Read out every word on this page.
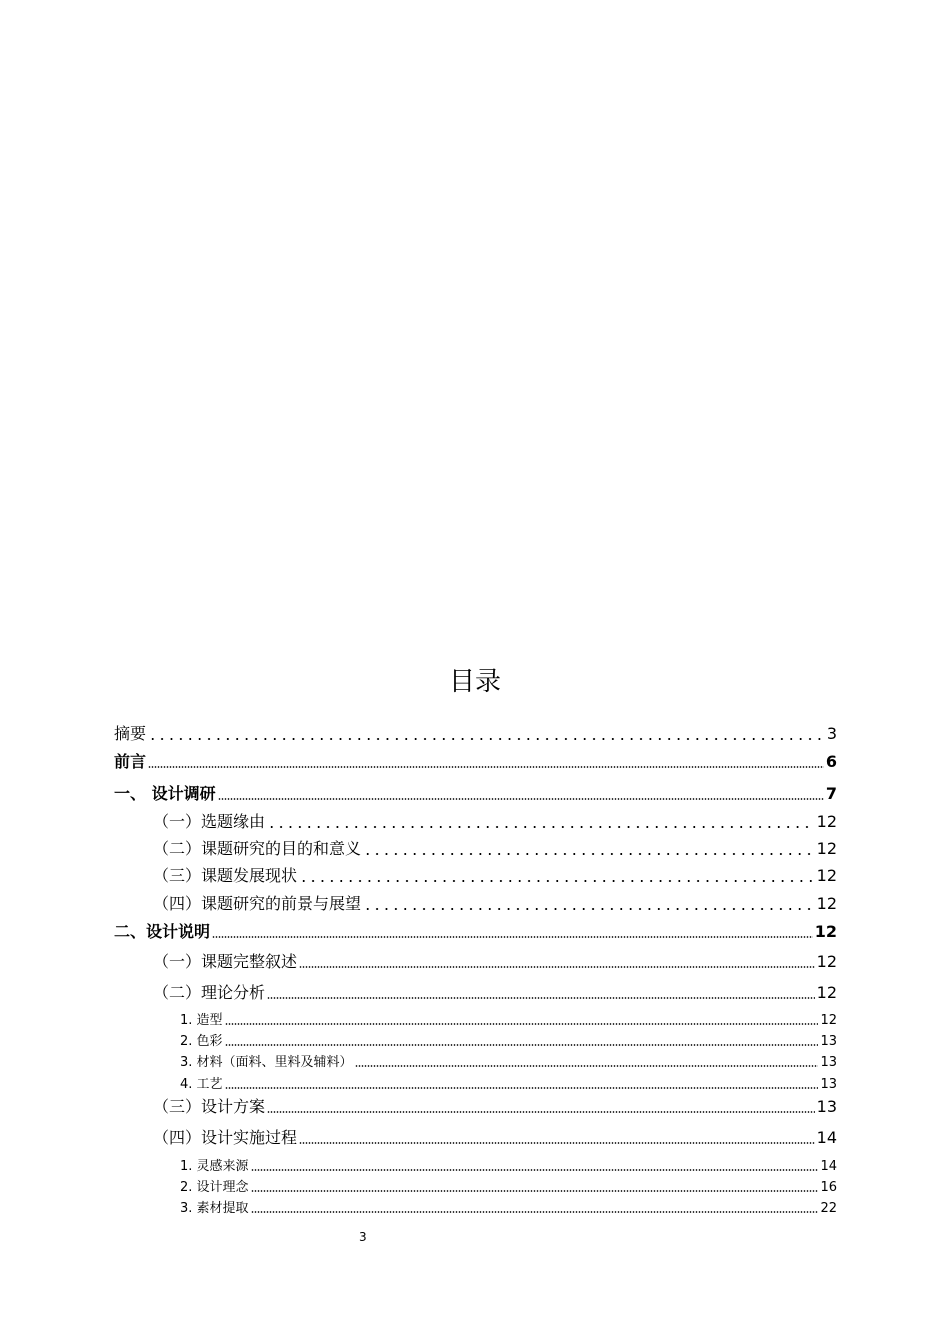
目录
摘要	3
前言	6
一、 设计调研	7
（一）选题缘由	12
（二）课题研究的目的和意义	12
（三）课题发展现状	12
（四）课题研究的前景与展望	12
二、设计说明	12
（一）课题完整叙述	12
（二）理论分析	12
1. 造型	12
2. 色彩	13
3. 材料（面料、里料及辅料）	13
4. 工艺	13
（三）设计方案	13
（四）设计实施过程	14
1. 灵感来源	14
2. 设计理念	16
3. 素材提取	22
3
